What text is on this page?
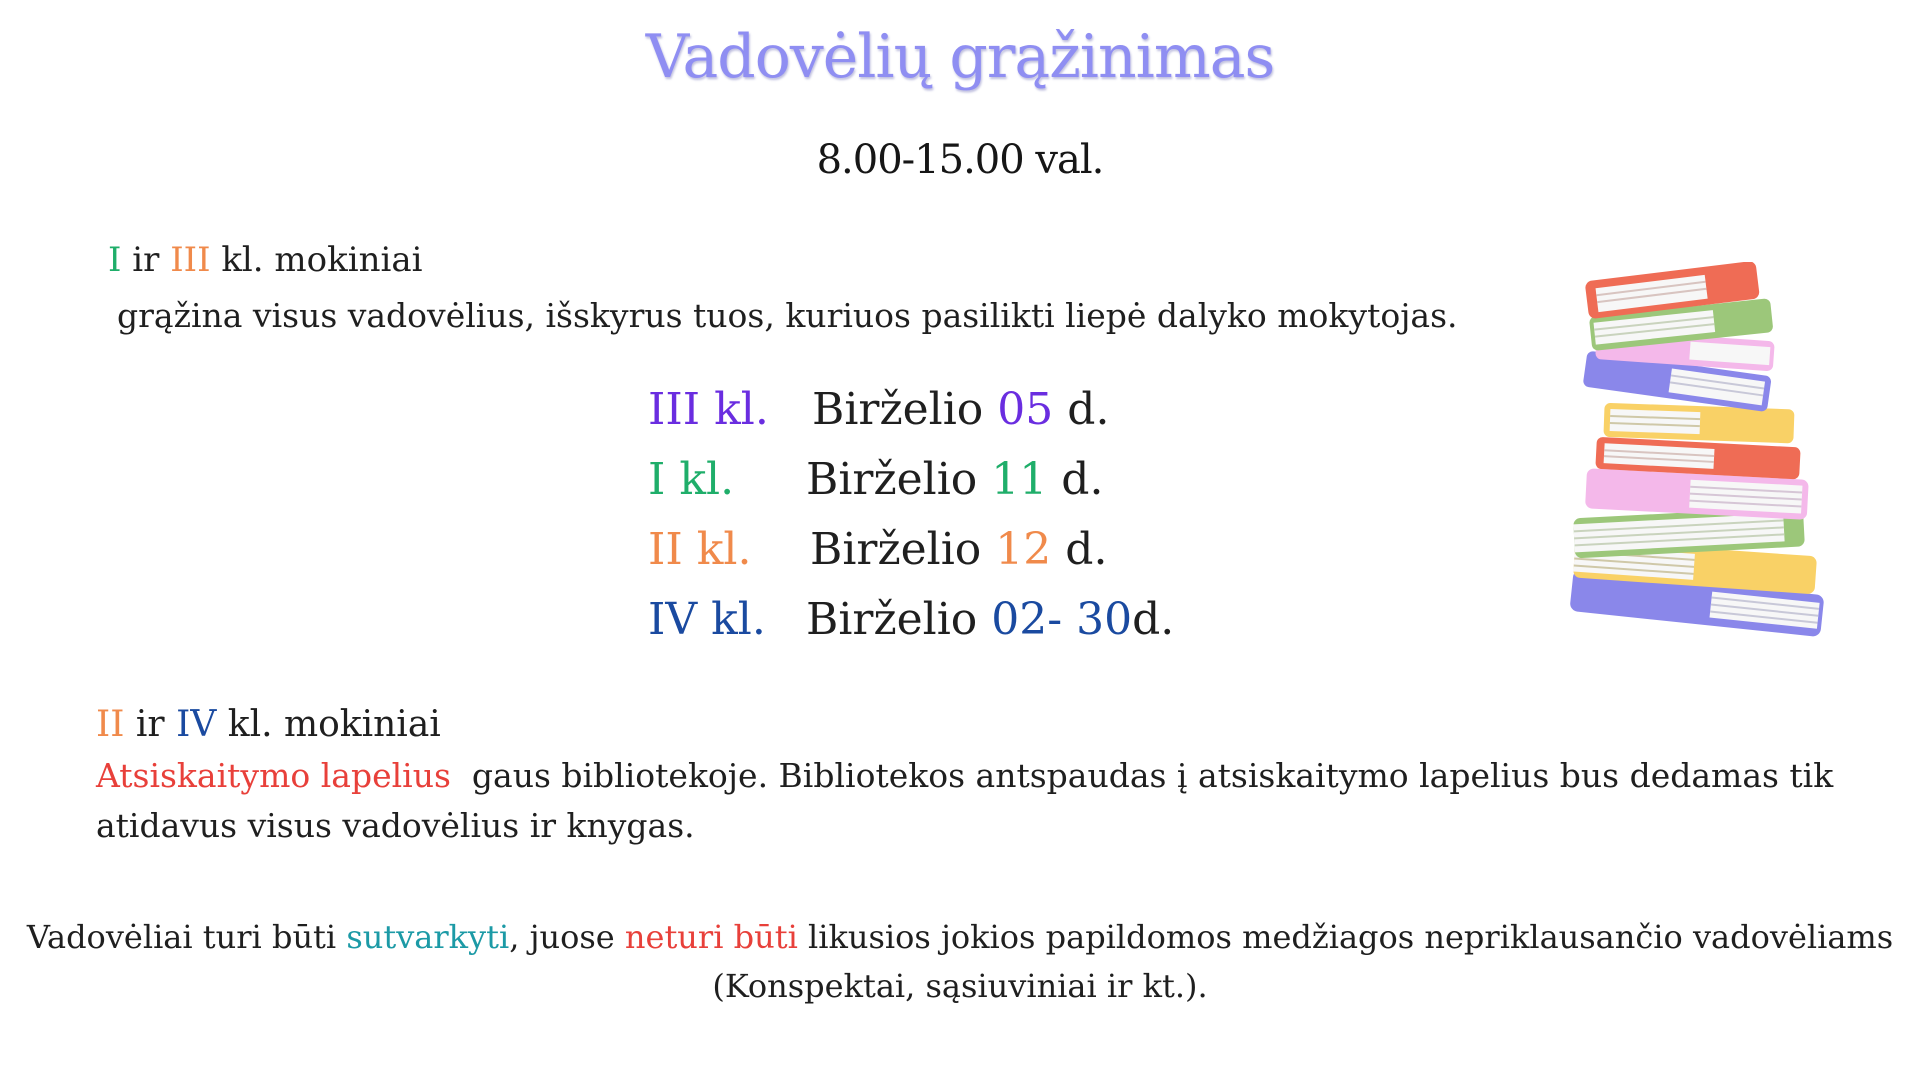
Vadovėlių grąžinimas
8.00-15.00 val.
I ir III kl. mokiniai
grąžina visus vadovėlius, išskyrus tuos, kuriuos pasilikti liepė dalyko mokytojas.
III kl. Birželio 05 d.
I kl. Birželio 11 d.
II kl. Birželio 12 d.
IV kl. Birželio 02- 30d.
II ir IV kl. mokiniai
Atsiskaitymo lapelius gaus bibliotekoje. Bibliotekos antspaudas į atsiskaitymo lapelius bus dedamas tik
atidavus visus vadovėlius ir knygas.
Vadovėliai turi būti sutvarkyti, juose neturi būti likusios jokios papildomos medžiagos nepriklausančio vadovėliams
(Konspektai, sąsiuviniai ir kt.).
